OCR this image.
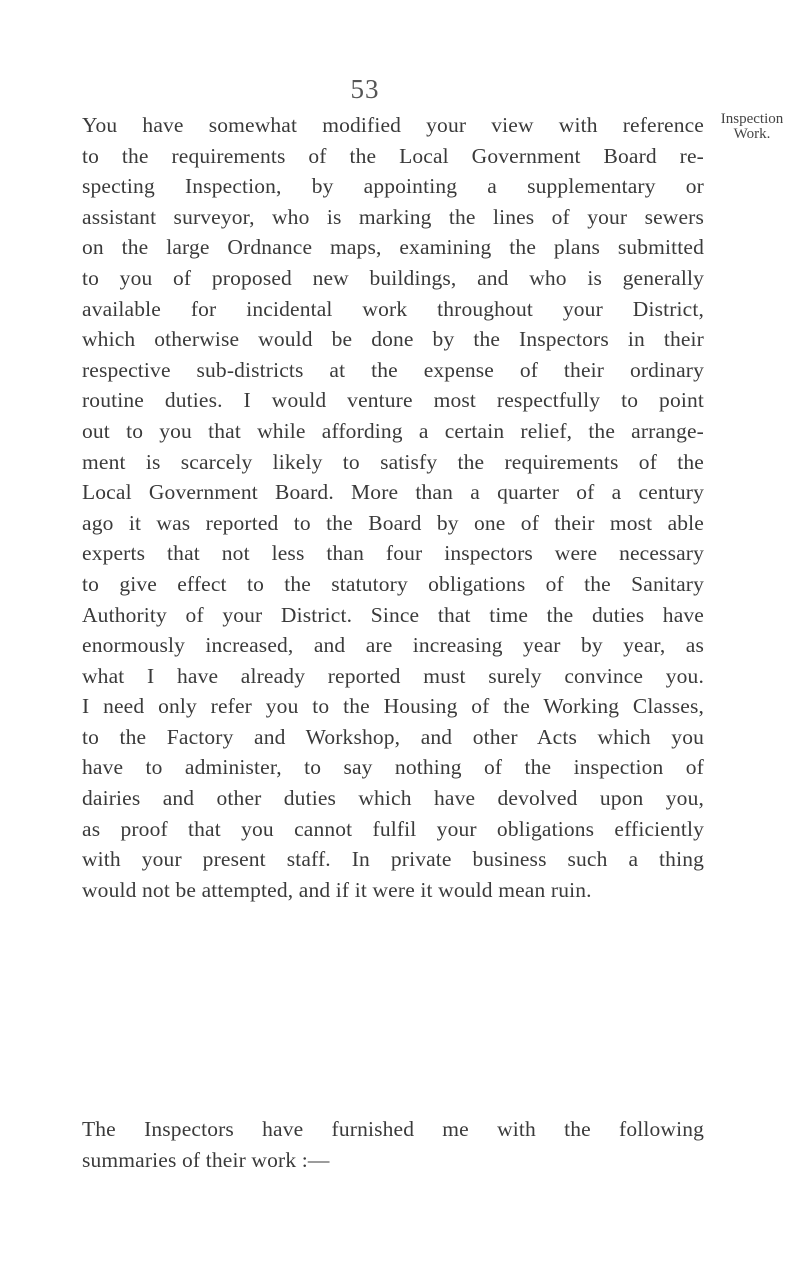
53
Inspection
Work.
You have somewhat modified your view with reference
to the requirements of the Local Government Board re-
specting Inspection, by appointing a supplementary or
assistant surveyor, who is marking the lines of your sewers
on the large Ordnance maps, examining the plans submitted
to you of proposed new buildings, and who is generally
available for incidental work throughout your District,
which otherwise would be done by the Inspectors in their
respective sub-districts at the expense of their ordinary
routine duties. I would venture most respectfully to point
out to you that while affording a certain relief, the arrange-
ment is scarcely likely to satisfy the requirements of the
Local Government Board. More than a quarter of a century
ago it was reported to the Board by one of their most able
experts that not less than four inspectors were necessary
to give effect to the statutory obligations of the Sanitary
Authority of your District. Since that time the duties have
enormously increased, and are increasing year by year, as
what I have already reported must surely convince you.
I need only refer you to the Housing of the Working Classes,
to the Factory and Workshop, and other Acts which you
have to administer, to say nothing of the inspection of
dairies and other duties which have devolved upon you,
as proof that you cannot fulfil your obligations efficiently
with your present staff. In private business such a thing
would not be attempted, and if it were it would mean ruin.
The Inspectors have furnished me with the following
summaries of their work :—
